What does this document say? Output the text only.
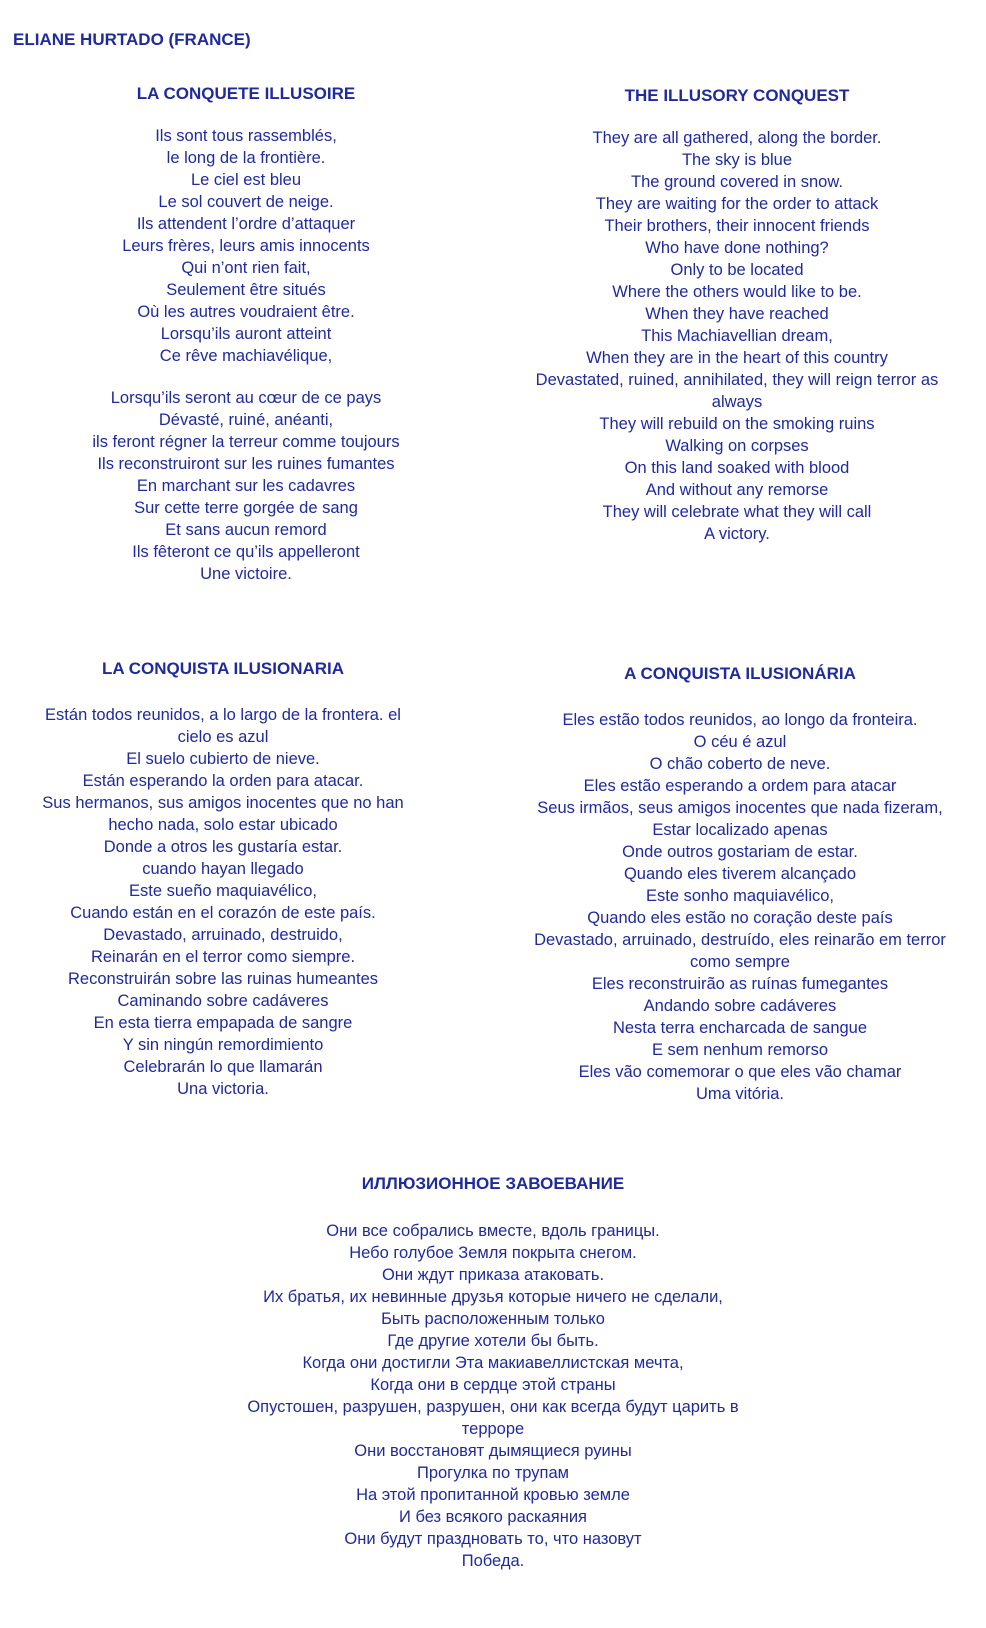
ELIANE HURTADO (FRANCE)
LA CONQUETE ILLUSOIRE
Ils sont tous rassemblés,
le long de la frontière.
Le ciel est bleu
Le sol couvert de neige.
Ils attendent l’ordre d’attaquer
Leurs frères, leurs amis innocents
Qui n’ont rien fait,
Seulement être situés
Où les autres voudraient être.
Lorsqu’ils auront atteint
Ce rêve machiavélique,
Lorsqu’ils seront au cœur de ce pays
Dévasté, ruiné, anéanti,
ils feront régner la terreur comme toujours
Ils reconstruiront sur les ruines fumantes
En marchant sur les cadavres
Sur cette terre gorgée de sang
Et sans aucun remord
Ils fêteront ce qu’ils appelleront
Une victoire.
THE ILLUSORY CONQUEST
They are all gathered, along the border.
The sky is blue
The ground covered in snow.
They are waiting for the order to attack
Their brothers, their innocent friends
Who have done nothing?
Only to be located
Where the others would like to be.
When they have reached
This Machiavellian dream,
When they are in the heart of this country
Devastated, ruined, annihilated, they will reign terror as
always
They will rebuild on the smoking ruins
Walking on corpses
On this land soaked with blood
And without any remorse
They will celebrate what they will call
A victory.
LA CONQUISTA ILUSIONARIA
Están todos reunidos, a lo largo de la frontera. el
cielo es azul
El suelo cubierto de nieve.
Están esperando la orden para atacar.
Sus hermanos, sus amigos inocentes que no han
hecho nada, solo estar ubicado
Donde a otros les gustaría estar.
cuando hayan llegado
Este sueño maquiavélico,
Cuando están en el corazón de este país.
Devastado, arruinado, destruido,
Reinarán en el terror como siempre.
Reconstruirán sobre las ruinas humeantes
Caminando sobre cadáveres
En esta tierra empapada de sangre
Y sin ningún remordimiento
Celebrarán lo que llamarán
Una victoria.
A CONQUISTA ILUSIONÁRIA
Eles estão todos reunidos, ao longo da fronteira.
O céu é azul
O chão coberto de neve.
Eles estão esperando a ordem para atacar
Seus irmãos, seus amigos inocentes que nada fizeram,
Estar localizado apenas
Onde outros gostariam de estar.
Quando eles tiverem alcançado
Este sonho maquiavélico,
Quando eles estão no coração deste país
Devastado, arruinado, destruído, eles reinarão em terror
como sempre
Eles reconstruirão as ruínas fumegantes
Andando sobre cadáveres
Nesta terra encharcada de sangue
E sem nenhum remorso
Eles vão comemorar o que eles vão chamar
Uma vitória.
ИЛЛЮЗИОННОЕ ЗАВОЕВАНИЕ
Они все собрались вместе, вдоль границы.
Небо голубое Земля покрыта снегом.
Они ждут приказа атаковать.
Их братья, их невинные друзья которые ничего не сделали,
Быть расположенным только
Где другие хотели бы быть.
Когда они достигли Эта макиавеллистская мечта,
Когда они в сердце этой страны
Опустошен, разрушен, разрушен, они как всегда будут царить в
терроре
Они восстановят дымящиеся руины
Прогулка по трупам
На этой пропитанной кровью земле
И без всякого раскаяния
Они будут праздновать то, что назовут
Победа.
